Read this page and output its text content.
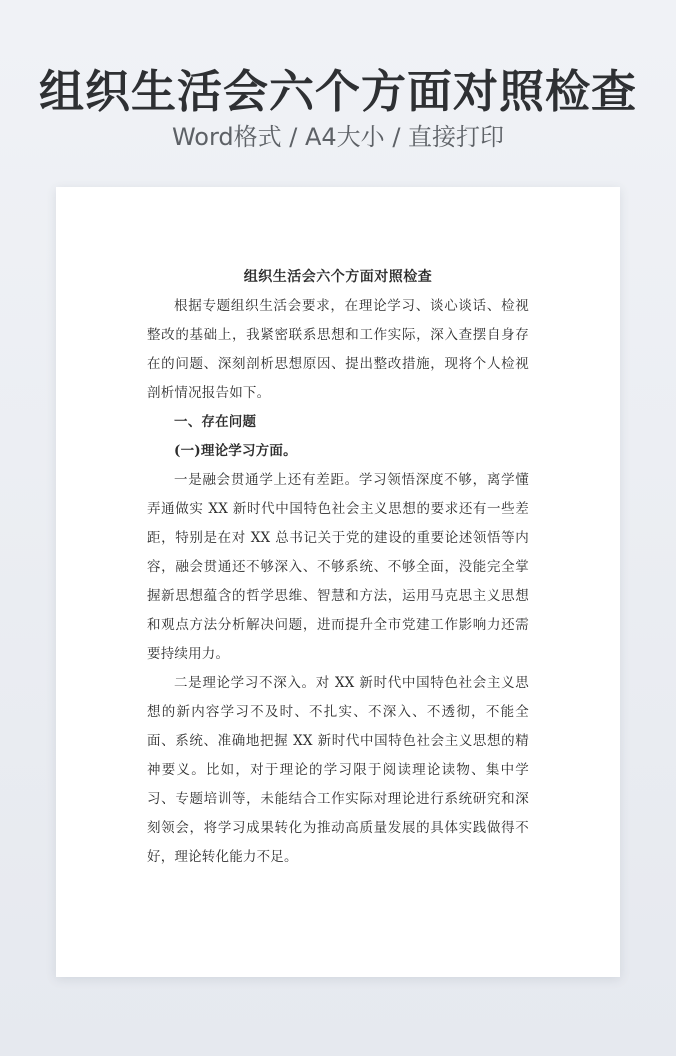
组织生活会六个方面对照检查
Word格式 / A4大小 / 直接打印
组织生活会六个方面对照检查

根据专题组织生活会要求，在理论学习、谈心谈话、检视整改的基础上，我紧密联系思想和工作实际，深入查摆自身存在的问题、深刻剖析思想原因、提出整改措施，现将个人检视剖析情况报告如下。

一、存在问题

(一)理论学习方面。

一是融会贯通学上还有差距。学习领悟深度不够，离学懂弄通做实 XX 新时代中国特色社会主义思想的要求还有一些差距，特别是在对 XX 总书记关于党的建设的重要论述领悟等内容，融会贯通还不够深入、不够系统、不够全面，没能完全掌握新思想蕴含的哲学思维、智慧和方法，运用马克思主义思想和观点方法分析解决问题，进而提升全市党建工作影响力还需要持续用力。

二是理论学习不深入。对 XX 新时代中国特色社会主义思想的新内容学习不及时、不扎实、不深入、不透彻，不能全面、系统、准确地把握 XX 新时代中国特色社会主义思想的精神要义。比如，对于理论的学习限于阅读理论读物、集中学习、专题培训等，未能结合工作实际对理论进行系统研究和深刻领会，将学习成果转化为推动高质量发展的具体实践做得不好，理论转化能力不足。
